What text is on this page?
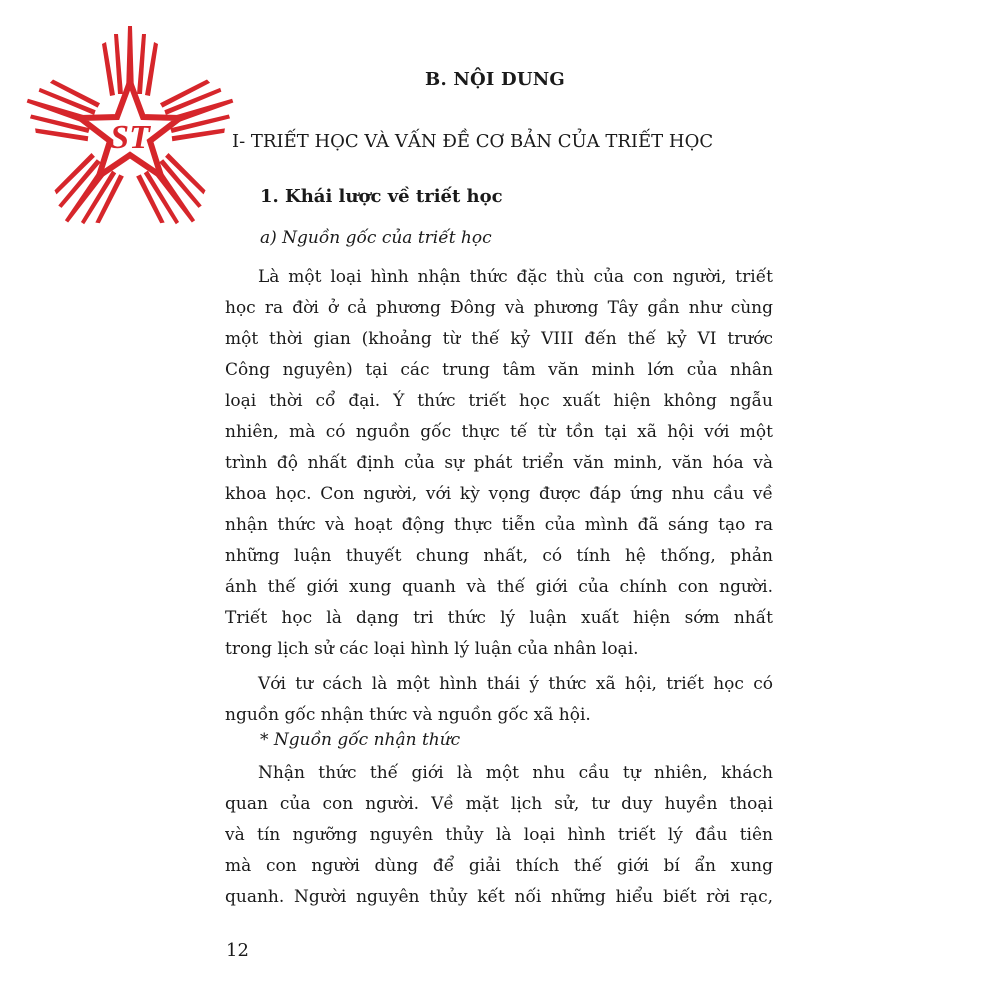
ST
B. NỘI DUNG
I- TRIẾT HỌC VÀ VẤN ĐỀ CƠ BẢN CỦA TRIẾT HỌC
1. Khái lược về triết học
a) Nguồn gốc của triết học
Là một loại hình nhận thức đặc thù của con người, triết
học ra đời ở cả phương Đông và phương Tây gần như cùng
một thời gian (khoảng từ thế kỷ VIII đến thế kỷ VI trước
Công nguyên) tại các trung tâm văn minh lớn của nhân
loại thời cổ đại. Ý thức triết học xuất hiện không ngẫu
nhiên, mà có nguồn gốc thực tế từ tồn tại xã hội với một
trình độ nhất định của sự phát triển văn minh, văn hóa và
khoa học. Con người, với kỳ vọng được đáp ứng nhu cầu về
nhận thức và hoạt động thực tiễn của mình đã sáng tạo ra
những luận thuyết chung nhất, có tính hệ thống, phản
ánh thế giới xung quanh và thế giới của chính con người.
Triết học là dạng tri thức lý luận xuất hiện sớm nhất
trong lịch sử các loại hình lý luận của nhân loại.
Với tư cách là một hình thái ý thức xã hội, triết học có
nguồn gốc nhận thức và nguồn gốc xã hội.
* Nguồn gốc nhận thức
Nhận thức thế giới là một nhu cầu tự nhiên, khách
quan của con người. Về mặt lịch sử, tư duy huyền thoại
và tín ngưỡng nguyên thủy là loại hình triết lý đầu tiên
mà con người dùng để giải thích thế giới bí ẩn xung
quanh. Người nguyên thủy kết nối những hiểu biết rời rạc,
12
